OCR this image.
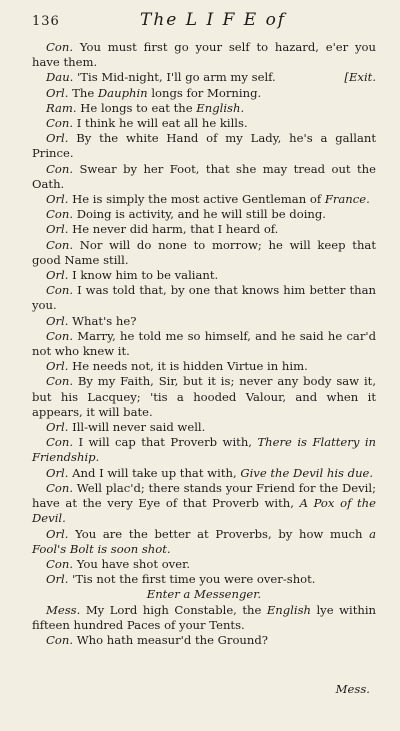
136	The L I F E of

Con. You must first go your self to hazard, e'er you have them.

[Exit.
Dau. 'Tis Mid-night, I'll go arm my self.

Orl. The Dauphin longs for Morning.

Ram. He longs to eat the English.

Con. I think he will eat all he kills.

Orl. By the white Hand of my Lady, he's a gallant Prince.

Con. Swear by her Foot, that she may tread out the Oath.

Orl. He is simply the most active Gentleman of France.

Con. Doing is activity, and he will still be doing.

Orl. He never did harm, that I heard of.

Con. Nor will do none to morrow; he will keep that good Name still.

Orl. I know him to be valiant.

Con. I was told that, by one that knows him better than you.

Orl. What's he?

Con. Marry, he told me so himself, and he said he car'd not who knew it.

Orl. He needs not, it is hidden Virtue in him.

Con. By my Faith, Sir, but it is; never any body saw it, but his Lacquey; 'tis a hooded Valour, and when it appears, it will bate.

Orl. Ill-will never said well.

Con. I will cap that Proverb with, There is Flattery in Friendship.

Orl. And I will take up that with, Give the Devil his due.

Con. Well plac'd; there stands your Friend for the Devil; have at the very Eye of that Proverb with, A Pox of the Devil.

Orl. You are the better at Proverbs, by how much a Fool's Bolt is soon shot.

Con. You have shot over.

Orl. 'Tis not the first time you were over-shot.

Enter a Messenger.

Mess. My Lord high Constable, the English lye within fifteen hundred Paces of your Tents.

Con. Who hath measur'd the Ground?

Mess.
